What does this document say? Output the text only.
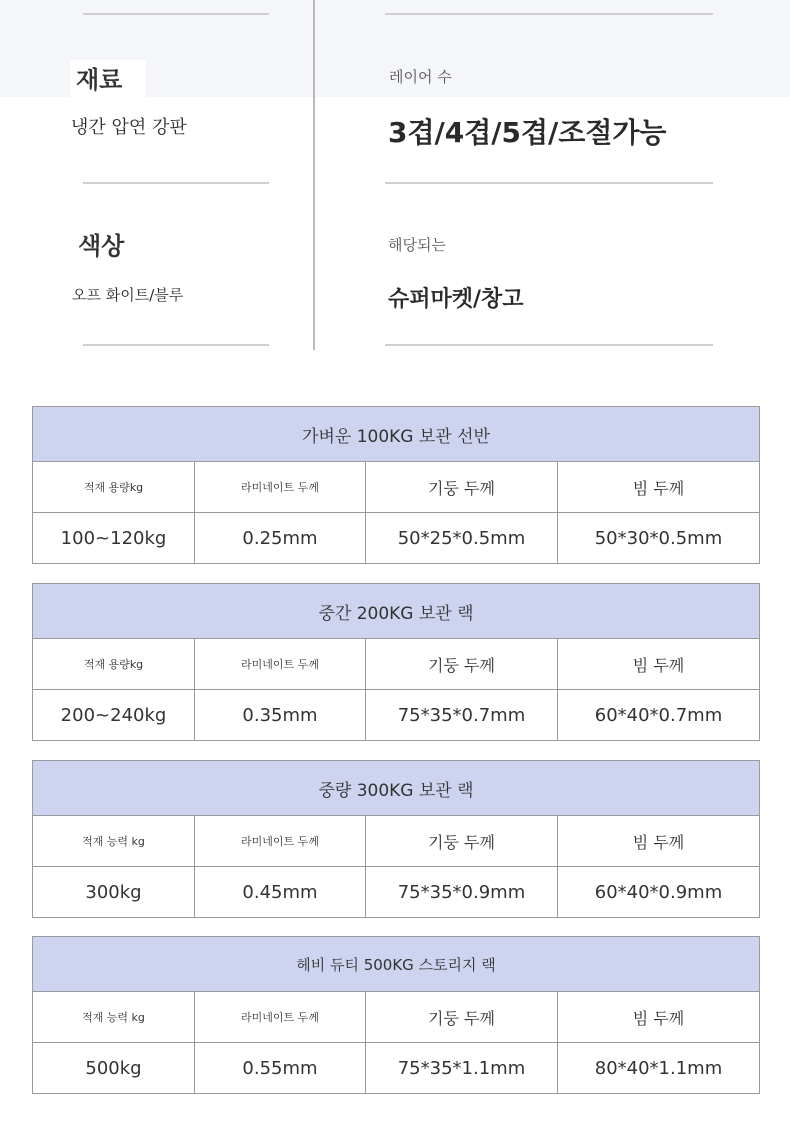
재료
냉간 압연 강판
레이어 수
3겹/4겹/5겹/조절가능
색상
오프 화이트/블루
해당되는
슈퍼마켓/창고
가벼운 100KG 보관 선반			
적재 용량kg	라미네이트 두께	기둥 두께	빔 두께
100~120kg	0.25mm	50*25*0.5mm	50*30*0.5mm
중간 200KG 보관 랙			
적재 용량kg	라미네이트 두께	기둥 두께	빔 두께
200~240kg	0.35mm	75*35*0.7mm	60*40*0.7mm
중량 300KG 보관 랙			
적재 능력 kg	라미네이트 두께	기둥 두께	빔 두께
300kg	0.45mm	75*35*0.9mm	60*40*0.9mm
헤비 듀티 500KG 스토리지 랙			
적재 능력 kg	라미네이트 두께	기둥 두께	빔 두께
500kg	0.55mm	75*35*1.1mm	80*40*1.1mm
